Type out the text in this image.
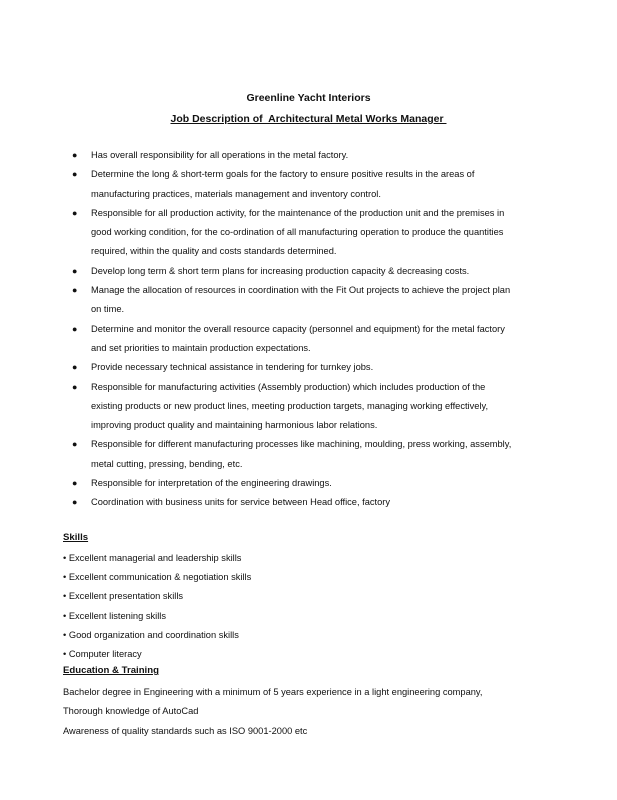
Greenline Yacht Interiors
Job Description of  Architectural Metal Works Manager
● Has overall responsibility for all operations in the metal factory.
● Determine the long & short-term goals for the factory to ensure positive results in the areas of
manufacturing practices, materials management and inventory control.
● Responsible for all production activity, for the maintenance of the production unit and the premises in
good working condition, for the co-ordination of all manufacturing operation to produce the quantities
required, within the quality and costs standards determined.
● Develop long term & short term plans for increasing production capacity & decreasing costs.
● Manage the allocation of resources in coordination with the Fit Out projects to achieve the project plan
on time.
● Determine and monitor the overall resource capacity (personnel and equipment) for the metal factory
and set priorities to maintain production expectations.
● Provide necessary technical assistance in tendering for turnkey jobs.
● Responsible for manufacturing activities (Assembly production) which includes production of the
existing products or new product lines, meeting production targets, managing working effectively,
improving product quality and maintaining harmonious labor relations.
● Responsible for different manufacturing processes like machining, moulding, press working, assembly,
metal cutting, pressing, bending, etc.
● Responsible for interpretation of the engineering drawings.
● Coordination with business units for service between Head office, factory
Skills
• Excellent managerial and leadership skills
• Excellent communication & negotiation skills
• Excellent presentation skills
• Excellent listening skills
• Good organization and coordination skills
• Computer literacy
Education & Training
Bachelor degree in Engineering with a minimum of 5 years experience in a light engineering company,
Thorough knowledge of AutoCad
Awareness of quality standards such as ISO 9001-2000 etc
